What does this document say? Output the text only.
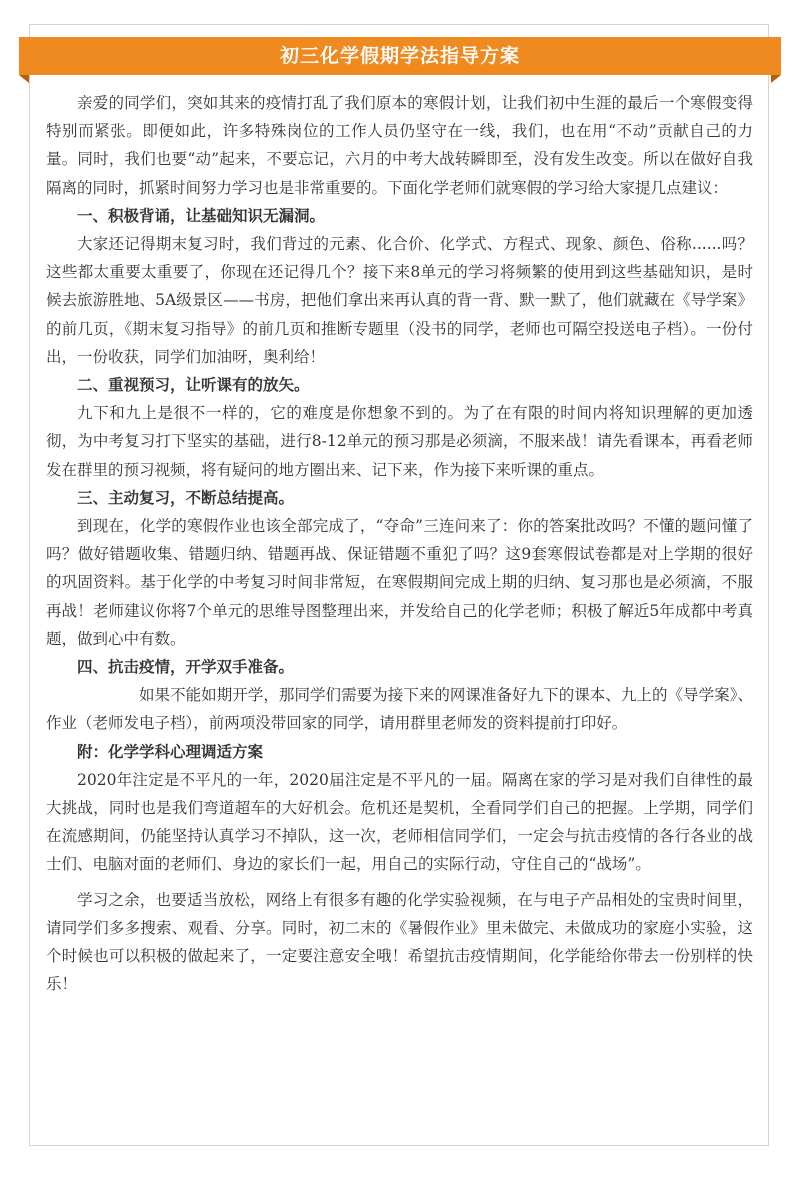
初三化学假期学法指导方案

亲爱的同学们，突如其来的疫情打乱了我们原本的寒假计划，让我们初中生涯的最后一个寒假变得特别而紧张。即便如此，许多特殊岗位的工作人员仍坚守在一线，我们，也在用“不动”贡献自己的力量。同时，我们也要“动”起来，不要忘记，六月的中考大战转瞬即至，没有发生改变。所以在做好自我隔离的同时，抓紧时间努力学习也是非常重要的。下面化学老师们就寒假的学习给大家提几点建议：

一、积极背诵，让基础知识无漏洞。

大家还记得期末复习时，我们背过的元素、化合价、化学式、方程式、现象、颜色、俗称......吗？这些都太重要太重要了，你现在还记得几个？接下来8单元的学习将频繁的使用到这些基础知识，是时候去旅游胜地、5A级景区——书房，把他们拿出来再认真的背一背、默一默了，他们就藏在《导学案》的前几页，《期末复习指导》的前几页和推断专题里（没书的同学，老师也可隔空投送电子档）。一份付出，一份收获，同学们加油呀，奥利给！

二、重视预习，让听课有的放矢。

九下和九上是很不一样的，它的难度是你想象不到的。为了在有限的时间内将知识理解的更加透彻，为中考复习打下坚实的基础，进行8-12单元的预习那是必须滴，不服来战！请先看课本，再看老师发在群里的预习视频，将有疑问的地方圈出来、记下来，作为接下来听课的重点。

三、主动复习，不断总结提高。

到现在，化学的寒假作业也该全部完成了，“夺命”三连问来了：你的答案批改吗？不懂的题问懂了吗？做好错题收集、错题归纳、错题再战、保证错题不重犯了吗？这9套寒假试卷都是对上学期的很好的巩固资料。基于化学的中考复习时间非常短，在寒假期间完成上期的归纳、复习那也是必须滴，不服再战！老师建议你将7个单元的思维导图整理出来，并发给自己的化学老师；积极了解近5年成都中考真题，做到心中有数。

四、抗击疫情，开学双手准备。

如果不能如期开学，那同学们需要为接下来的网课准备好九下的课本、九上的《导学案》、作业（老师发电子档），前两项没带回家的同学，请用群里老师发的资料提前打印好。

附：化学学科心理调适方案

2020年注定是不平凡的一年，2020届注定是不平凡的一届。隔离在家的学习是对我们自律性的最大挑战，同时也是我们弯道超车的大好机会。危机还是契机，全看同学们自己的把握。上学期，同学们在流感期间，仍能坚持认真学习不掉队，这一次，老师相信同学们，一定会与抗击疫情的各行各业的战士们、电脑对面的老师们、身边的家长们一起，用自己的实际行动，守住自己的“战场”。

学习之余，也要适当放松，网络上有很多有趣的化学实验视频，在与电子产品相处的宝贵时间里，请同学们多多搜索、观看、分享。同时，初二末的《暑假作业》里未做完、未做成功的家庭小实验，这个时候也可以积极的做起来了，一定要注意安全哦！希望抗击疫情期间，化学能给你带去一份别样的快乐！
